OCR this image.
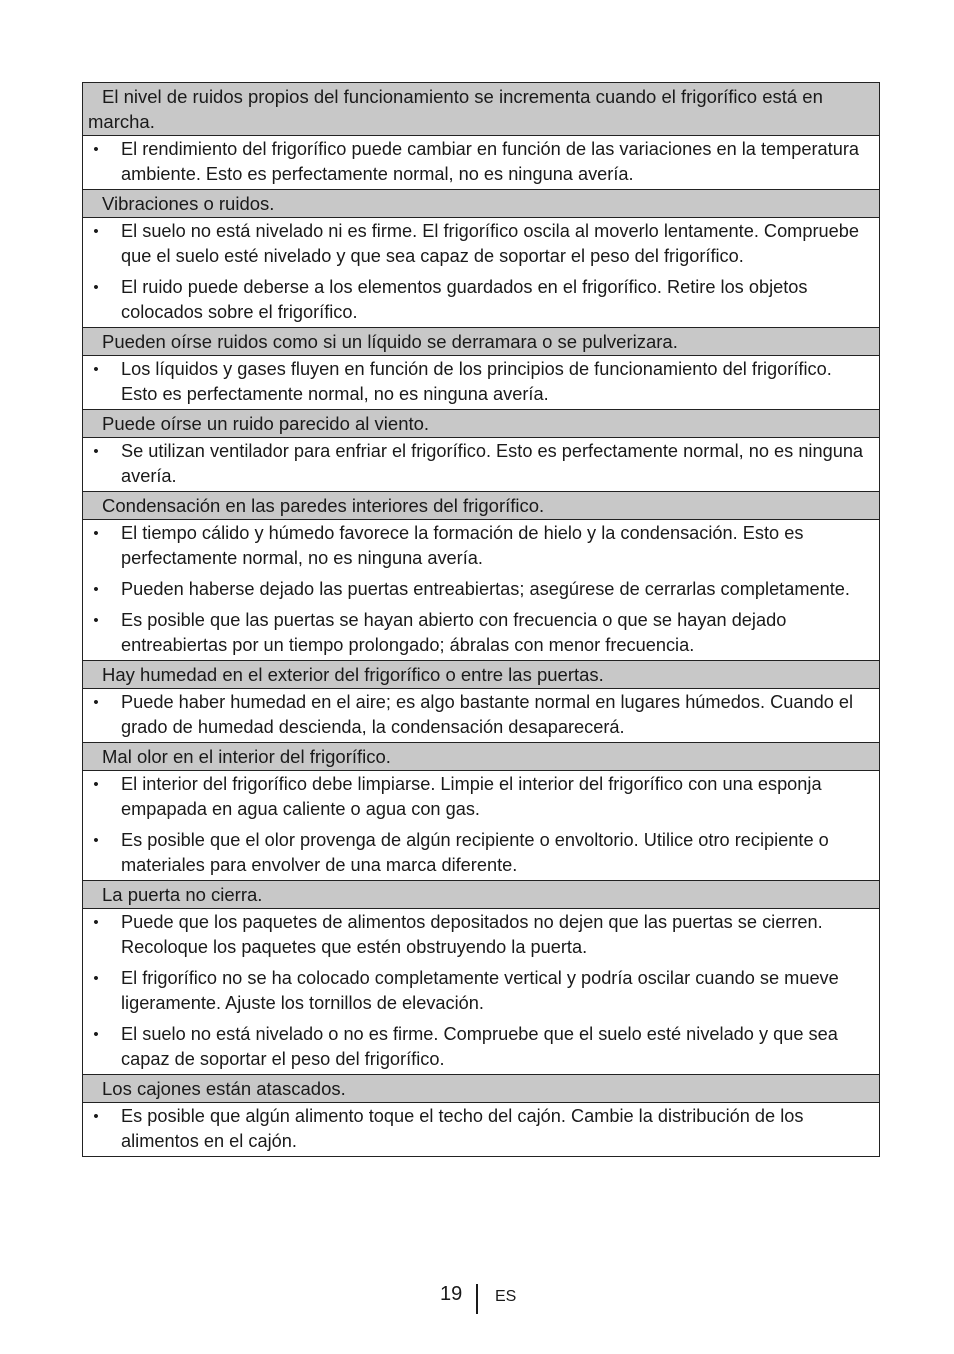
El nivel de ruidos propios del funcionamiento se incrementa cuando el frigorífico está en marcha.
• El rendimiento del frigorífico puede cambiar en función de las variaciones en la temperatura ambiente. Esto es perfectamente normal, no es ninguna avería.
Vibraciones o ruidos.
• El suelo no está nivelado ni es firme. El frigorífico oscila al moverlo lentamente. Compruebe que el suelo esté nivelado y que sea capaz de soportar el peso del frigorífico.
• El ruido puede deberse a los elementos guardados en el frigorífico. Retire los objetos colocados sobre el frigorífico.
Pueden oírse ruidos como si un líquido se derramara o se pulverizara.
• Los líquidos y gases fluyen en función de los principios de funcionamiento del frigorífico. Esto es perfectamente normal, no es ninguna avería.
Puede oírse un ruido parecido al viento.
• Se utilizan ventilador para enfriar el frigorífico. Esto es perfectamente normal, no es ninguna avería.
Condensación en las paredes interiores del frigorífico.
• El tiempo cálido y húmedo favorece la formación de hielo y la condensación. Esto es perfectamente normal, no es ninguna avería.
• Pueden haberse dejado las puertas entreabiertas; asegúrese de cerrarlas completamente.
• Es posible que las puertas se hayan abierto con frecuencia o que se hayan dejado entreabiertas por un tiempo prolongado; ábralas con menor frecuencia.
Hay humedad en el exterior del frigorífico o entre las puertas.
• Puede haber humedad en el aire; es algo bastante normal en lugares húmedos. Cuando el grado de humedad descienda, la condensación desaparecerá.
Mal olor en el interior del frigorífico.
• El interior del frigorífico debe limpiarse. Limpie el interior del frigorífico con una esponja empapada en agua caliente o agua con gas.
• Es posible que el olor provenga de algún recipiente o envoltorio. Utilice otro recipiente o materiales para envolver de una marca diferente.
La puerta no cierra.
• Puede que los paquetes de alimentos depositados no dejen que las puertas se cierren. Recoloque los paquetes que estén obstruyendo la puerta.
• El frigorífico no se ha colocado completamente vertical y podría oscilar cuando se mueve ligeramente. Ajuste los tornillos de elevación.
• El suelo no está nivelado o no es firme. Compruebe que el suelo esté nivelado y que sea capaz de soportar el peso del frigorífico.
Los cajones están atascados.
• Es posible que algún alimento toque el techo del cajón. Cambie la distribución de los alimentos en el cajón.
19 ES
